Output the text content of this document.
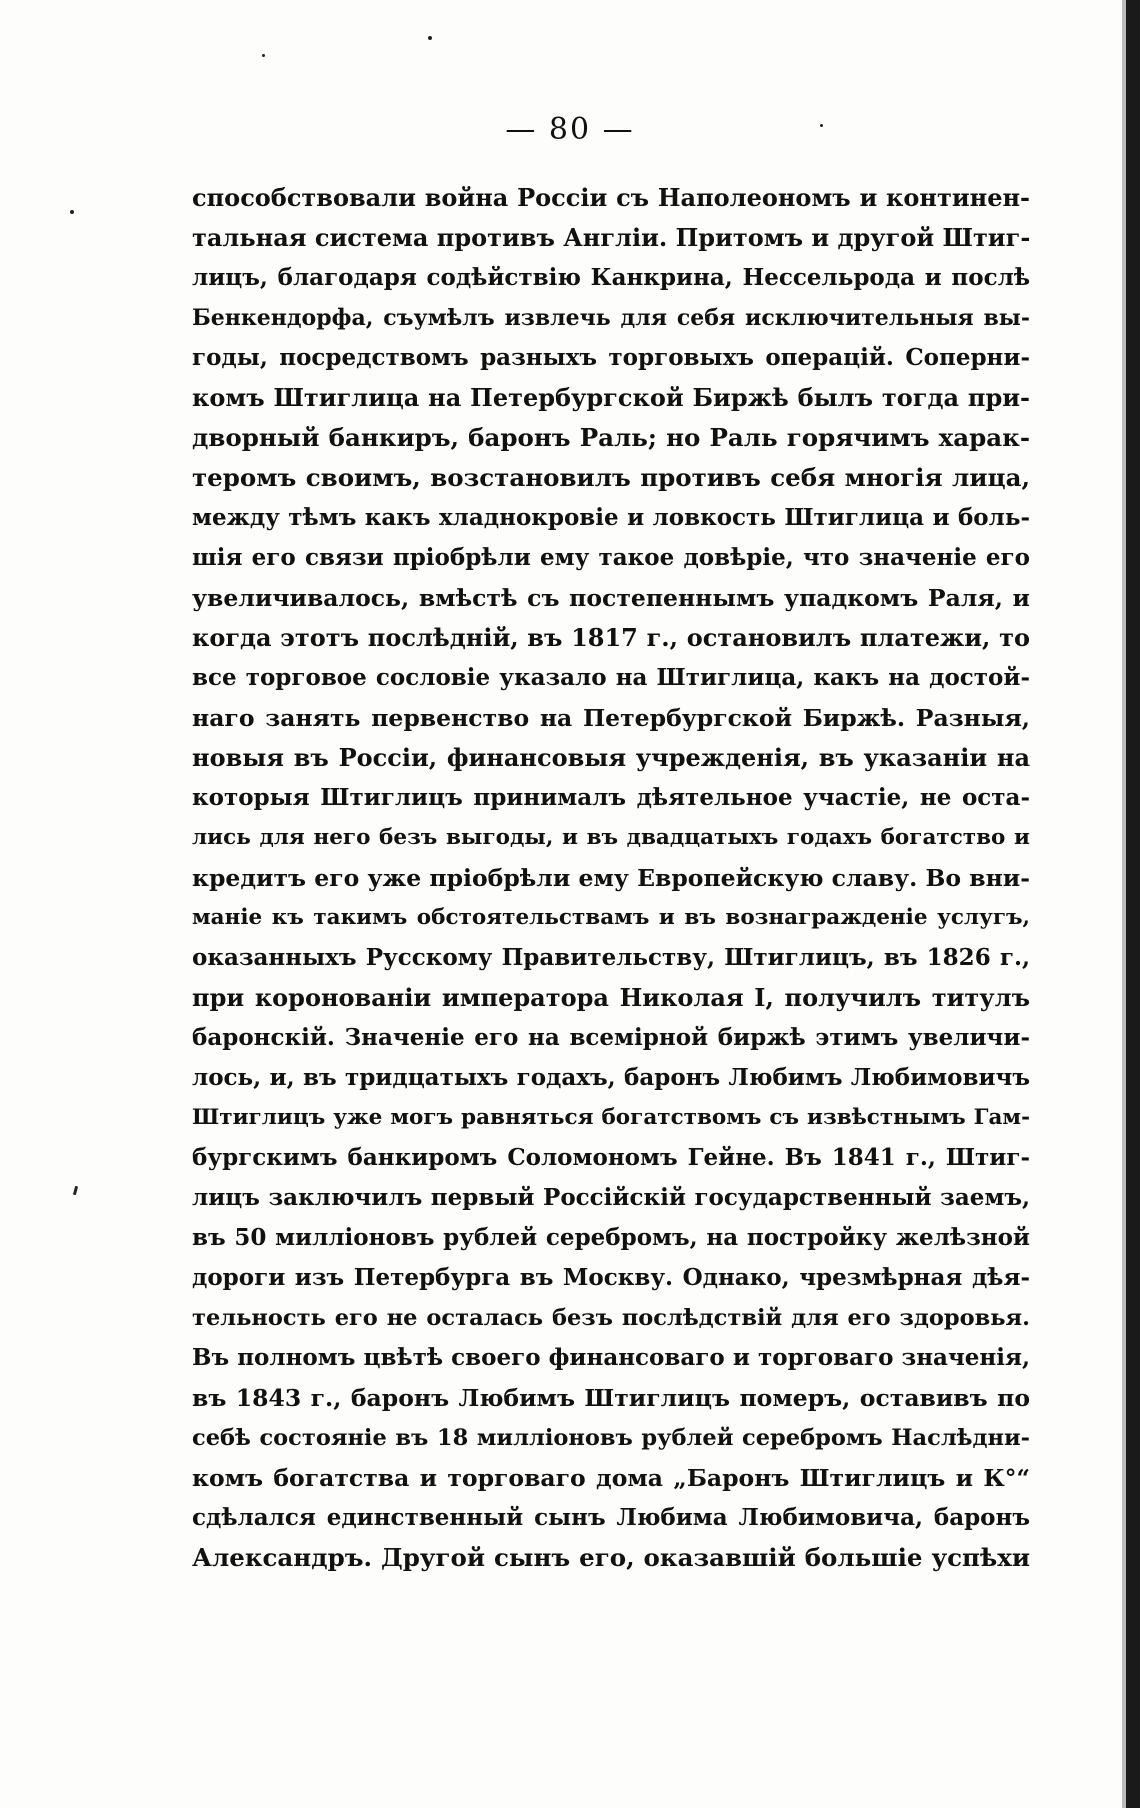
— 80 —
способствовали война Россіи съ Наполеономъ и континен-
тальная система противъ Англіи. Притомъ и другой Штиг-
лицъ, благодаря содѣйствію Канкрина, Нессельрода и послѣ
Бенкендорфа, съумѣлъ извлечь для себя исключительныя вы-
годы, посредствомъ разныхъ торговыхъ операцій. Соперни-
комъ Штиглица на Петербургской Биржѣ былъ тогда при-
дворный банкиръ, баронъ Раль; но Раль горячимъ харак-
теромъ своимъ, возстановилъ противъ себя многія лица,
между тѣмъ какъ хладнокровіе и ловкость Штиглица и боль-
шія его связи пріобрѣли ему такое довѣріе, что значеніе его
увеличивалось, вмѣстѣ съ постепеннымъ упадкомъ Раля, и
когда этотъ послѣдній, въ 1817 г., остановилъ платежи, то
все торговое сословіе указало на Штиглица, какъ на достой-
наго занять первенство на Петербургской Биржѣ. Разныя,
новыя въ Россіи, финансовыя учрежденія, въ указаніи на
которыя Штиглицъ принималъ дѣятельное участіе, не оста-
лись для него безъ выгоды, и въ двадцатыхъ годахъ богатство и
кредитъ его уже пріобрѣли ему Европейскую славу. Во вни-
маніе къ такимъ обстоятельствамъ и въ вознагражденіе услугъ,
оказанныхъ Русскому Правительству, Штиглицъ, въ 1826 г.,
при коронованіи императора Николая I, получилъ титулъ
баронскій. Значеніе его на всемірной биржѣ этимъ увеличи-
лось, и, въ тридцатыхъ годахъ, баронъ Любимъ Любимовичъ
Штиглицъ уже могъ равняться богатствомъ съ извѣстнымъ Гам-
бургскимъ банкиромъ Соломономъ Гейне. Въ 1841 г., Штиг-
лицъ заключилъ первый Россійскій государственный заемъ,
въ 50 милліоновъ рублей серебромъ, на постройку желѣзной
дороги изъ Петербурга въ Москву. Однако, чрезмѣрная дѣя-
тельность его не осталась безъ послѣдствій для его здоровья.
Въ полномъ цвѣтѣ своего финансоваго и торговаго значенія,
въ 1843 г., баронъ Любимъ Штиглицъ померъ, оставивъ по
себѣ состояніе въ 18 милліоновъ рублей серебромъ Наслѣдни-
комъ богатства и торговаго дома „Баронъ Штиглицъ и К°“
сдѣлался единственный сынъ Любима Любимовича, баронъ
Александръ. Другой сынъ его, оказавшій большіе успѣхи
